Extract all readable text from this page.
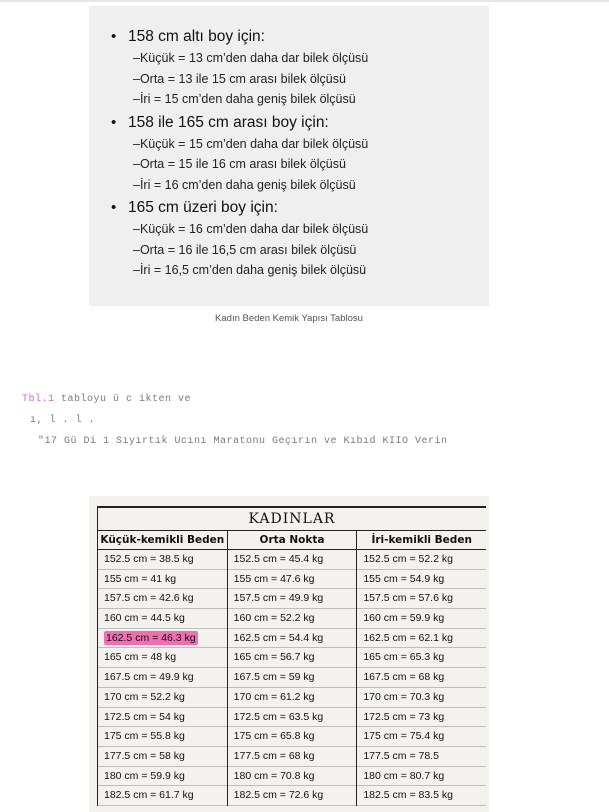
• 158 cm altı boy için:
– Küçük = 13 cm’den daha dar bilek ölçüsü
– Orta = 13 ile 15 cm arası bilek ölçüsü
– İri = 15 cm’den daha geniş bilek ölçüsü
• 158 ile 165 cm arası boy için:
– Küçük = 15 cm’den daha dar bilek ölçüsü
– Orta = 15 ile 16 cm arası bilek ölçüsü
– İri = 16 cm’den daha geniş bilek ölçüsü
• 165 cm üzeri boy için:
– Küçük = 16 cm’den daha dar bilek ölçüsü
– Orta = 16 ile 16,5 cm arası bilek ölçüsü
– İri = 16,5 cm’den daha geniş bilek ölçüsü
Kadın Beden Kemik Yapısı Tablosu
Tbl.1 tabloyu ü c ikten ve
ı, l . l .
"17 Gü Di 1 Sıyırtık Ucını Maratonu Geçırın ve Kıbıd KIIO Verin
KADINLAR
Küçük-kemikli Beden
152.5 cm = 38.5 kg
155 cm = 41 kg
157.5 cm = 42.6 kg
160 cm = 44.5 kg
162.5 cm = 46.3 kg
165 cm = 48 kg
167.5 cm = 49.9 kg
170 cm = 52.2 kg
172.5 cm = 54 kg
175 cm = 55.8 kg
177.5 cm = 58 kg
180 cm = 59.9 kg
182.5 cm = 61.7 kg
Orta Nokta
152.5 cm = 45.4 kg
155 cm = 47.6 kg
157.5 cm = 49.9 kg
160 cm = 52.2 kg
162.5 cm = 54.4 kg
165 cm = 56.7 kg
167.5 cm = 59 kg
170 cm = 61.2 kg
172.5 cm = 63.5 kg
175 cm = 65.8 kg
177.5 cm = 68 kg
180 cm = 70.8 kg
182.5 cm = 72.6 kg
İri-kemikli Beden
152.5 cm = 52.2 kg
155 cm = 54.9 kg
157.5 cm = 57.6 kg
160 cm = 59.9 kg
162.5 cm = 62.1 kg
165 cm = 65.3 kg
167.5 cm = 68 kg
170 cm = 70.3 kg
172.5 cm = 73 kg
175 cm = 75.4 kg
177.5 cm = 78.5
180 cm = 80.7 kg
182.5 cm = 83.5 kg
